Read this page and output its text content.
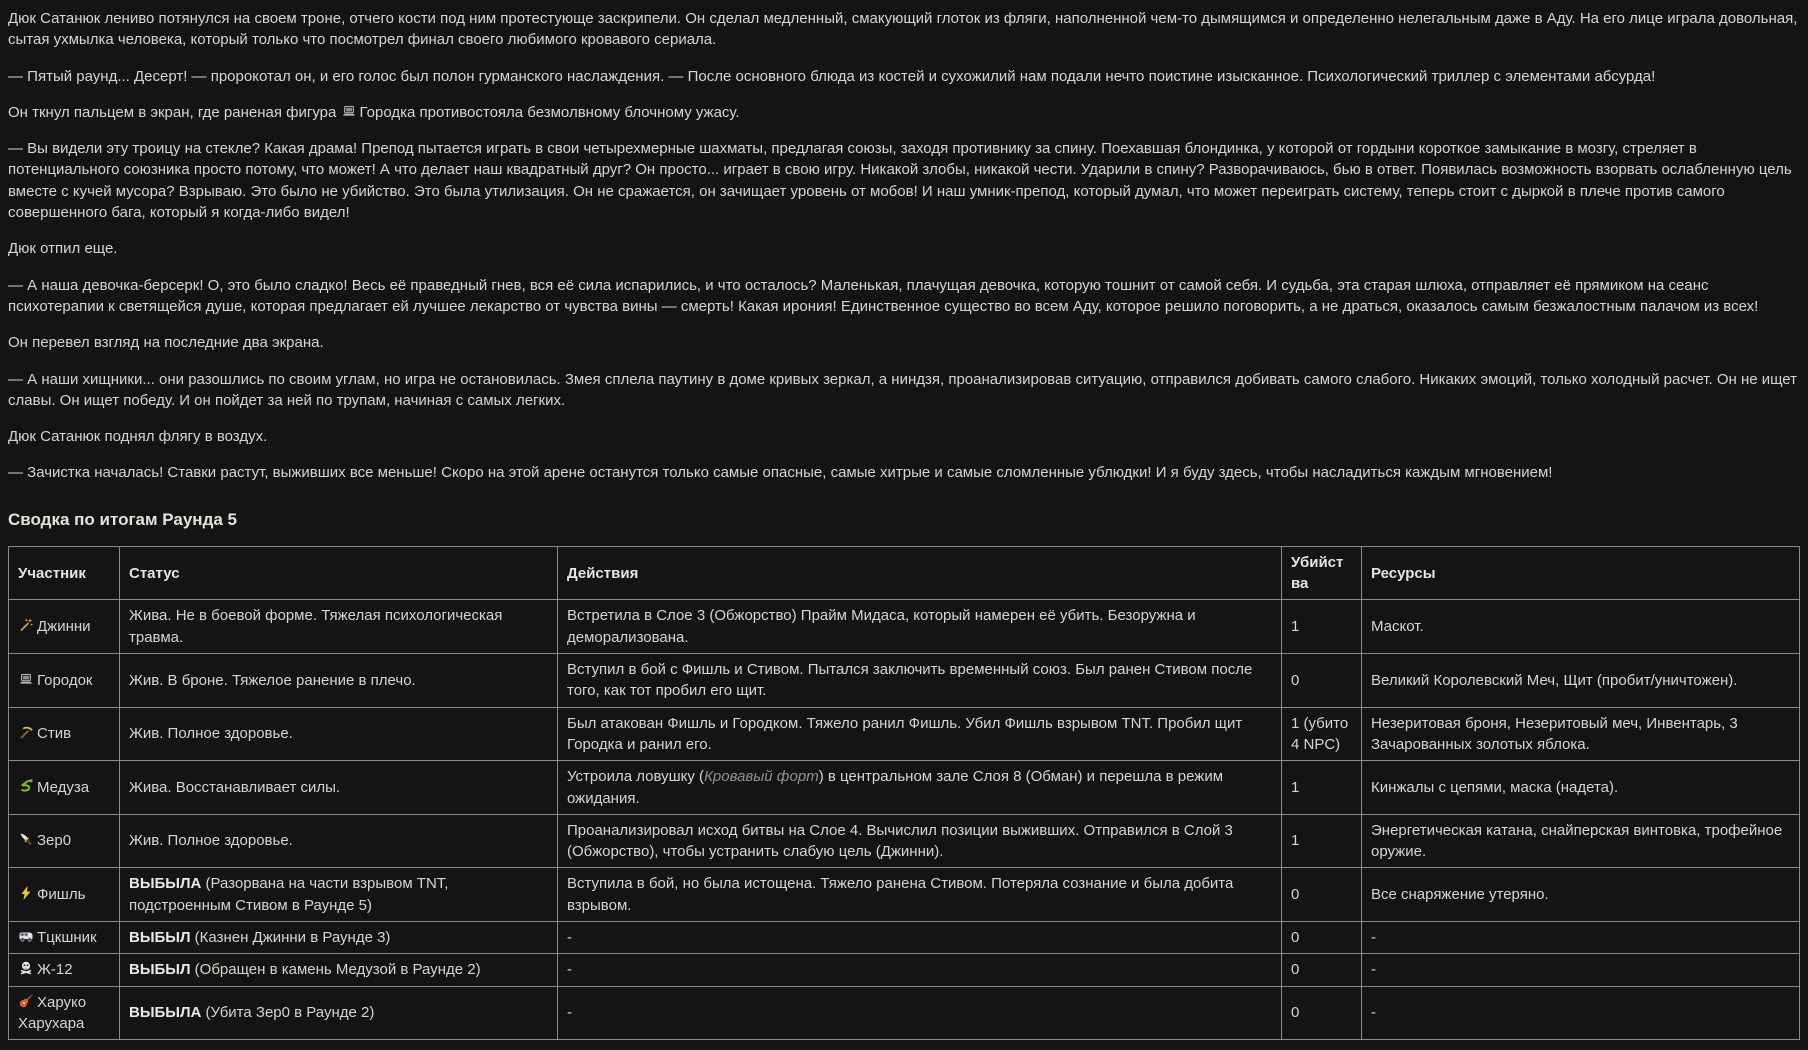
Дюк Сатанюк лениво потянулся на своем троне, отчего кости под ним протестующе заскрипели. Он сделал медленный, смакующий глоток из фляги, наполненной чем-то дымящимся и определенно нелегальным даже в Аду. На его лице играла довольная, сытая ухмылка человека, который только что посмотрел финал своего любимого кровавого сериала.

— Пятый раунд... Десерт! — пророкотал он, и его голос был полон гурманского наслаждения. — После основного блюда из костей и сухожилий нам подали нечто поистине изысканное. Психологический триллер с элементами абсурда!

Он ткнул пальцем в экран, где раненая фигура
Городка противостояла безмолвному блочному ужасу.

— Вы видели эту троицу на стекле? Какая драма! Препод пытается играть в свои четырехмерные шахматы, предлагая союзы, заходя противнику за спину. Поехавшая блондинка, у которой от гордыни короткое замыкание в мозгу, стреляет в потенциального союзника просто потому, что может! А что делает наш квадратный друг? Он просто... играет в свою игру. Никакой злобы, никакой чести. Ударили в спину? Разворачиваюсь, бью в ответ. Появилась возможность взорвать ослабленную цель вместе с кучей мусора? Взрываю. Это было не убийство. Это была утилизация. Он не сражается, он зачищает уровень от мобов! И наш умник-препод, который думал, что может переиграть систему, теперь стоит с дыркой в плече против самого совершенного бага, который я когда-либо видел!

Дюк отпил еще.

— А наша девочка-берсерк! О, это было сладко! Весь её праведный гнев, вся её сила испарились, и что осталось? Маленькая, плачущая девочка, которую тошнит от самой себя. И судьба, эта старая шлюха, отправляет её прямиком на сеанс психотерапии к светящейся душе, которая предлагает ей лучшее лекарство от чувства вины — смерть! Какая ирония! Единственное существо во всем Аду, которое решило поговорить, а не драться, оказалось самым безжалостным палачом из всех!

Он перевел взгляд на последние два экрана.

— А наши хищники... они разошлись по своим углам, но игра не остановилась. Змея сплела паутину в доме кривых зеркал, а ниндзя, проанализировав ситуацию, отправился добивать самого слабого. Никаких эмоций, только холодный расчет. Он не ищет славы. Он ищет победу. И он пойдет за ней по трупам, начиная с самых легких.

Дюк Сатанюк поднял флягу в воздух.

— Зачистка началась! Ставки растут, выживших все меньше! Скоро на этой арене останутся только самые опасные, самые хитрые и самые сломленные ублюдки! И я буду здесь, чтобы насладиться каждым мгновением!

Сводка по итогам Раунда 5
Участник	Статус	Действия	Убийства	Ресурсы

Джинни	Жива. Не в боевой форме. Тяжелая психологическая травма.	Встретила в Слое 3 (Обжорство) Прайм Мидаса, который намерен её убить. Безоружна и деморализована.	1	Маскот.

Городок	Жив. В броне. Тяжелое ранение в плечо.	Вступил в бой с Фишль и Стивом. Пытался заключить временный союз. Был ранен Стивом после того, как тот пробил его щит.	0	Великий Королевский Меч, Щит (пробит/уничтожен).

Стив	Жив. Полное здоровье.	Был атакован Фишль и Городком. Тяжело ранил Фишль. Убил Фишль взрывом TNT. Пробил щит Городка и ранил его.	1 (убито 4 NPC)	Незеритовая броня, Незеритовый меч, Инвентарь, 3 Зачарованных золотых яблока.

Медуза	Жива. Восстанавливает силы.	Устроила ловушку (Кровавый форт) в центральном зале Слоя 8 (Обман) и перешла в режим ожидания.	1	Кинжалы с цепями, маска (надета).

Зер0	Жив. Полное здоровье.	Проанализировал исход битвы на Слое 4. Вычислил позиции выживших. Отправился в Слой 3 (Обжорство), чтобы устранить слабую цель (Джинни).	1	Энергетическая катана, снайперская винтовка, трофейное оружие.

Фишль	ВЫБЫЛА (Разорвана на части взрывом TNT, подстроенным Стивом в Раунде 5)	Вступила в бой, но была истощена. Тяжело ранена Стивом. Потеряла сознание и была добита взрывом.	0	Все снаряжение утеряно.

Тцкшник	ВЫБЫЛ (Казнен Джинни в Раунде 3)	-	0	-

Ж-12	ВЫБЫЛ (Обращен в камень Медузой в Раунде 2)	-	0	-

Харуко Харухара	ВЫБЫЛА (Убита Зер0 в Раунде 2)	-	0	-
